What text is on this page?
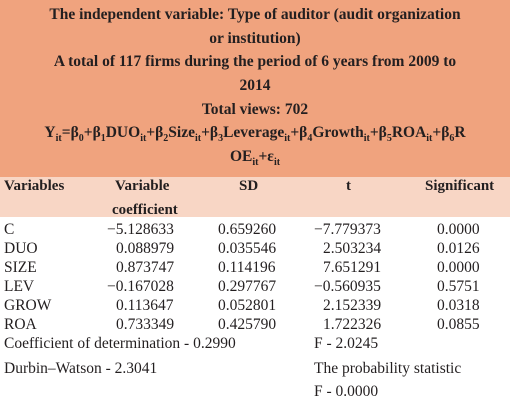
The independent variable: Type of auditor (audit organization
or institution)
A total of 117 firms during the period of 6 years from 2009 to
2014
Total views: 702
$Y_{it}=\beta_0+\beta_1DUO_{it}+\beta_2Size_{it}+\beta_3Leverage_{it}+\beta_4Growth_{it}+\beta_5ROA_{it}+\beta_6R$
$OE_{it}+\varepsilon_{it}$
Variables	Variable
coefficient
SD	t	Significant
C	−5.128633	0.659260 −7.779373	0.0000
DUO	0.088979	0.035546	2.503234	0.0126
SIZE	0.873747	0.114196	7.651291	0.0000
LEV	−0.167028	0.297767 −0.560935	0.5751
GROW	0.113647	0.052801	2.152339	0.0318
ROA	0.733349	0.425790	1.722326	0.0855
Coefficient of determination - 0.2990	F - 2.0245
Durbin–Watson - 2.3041	The probability statistic
F - 0.0000
